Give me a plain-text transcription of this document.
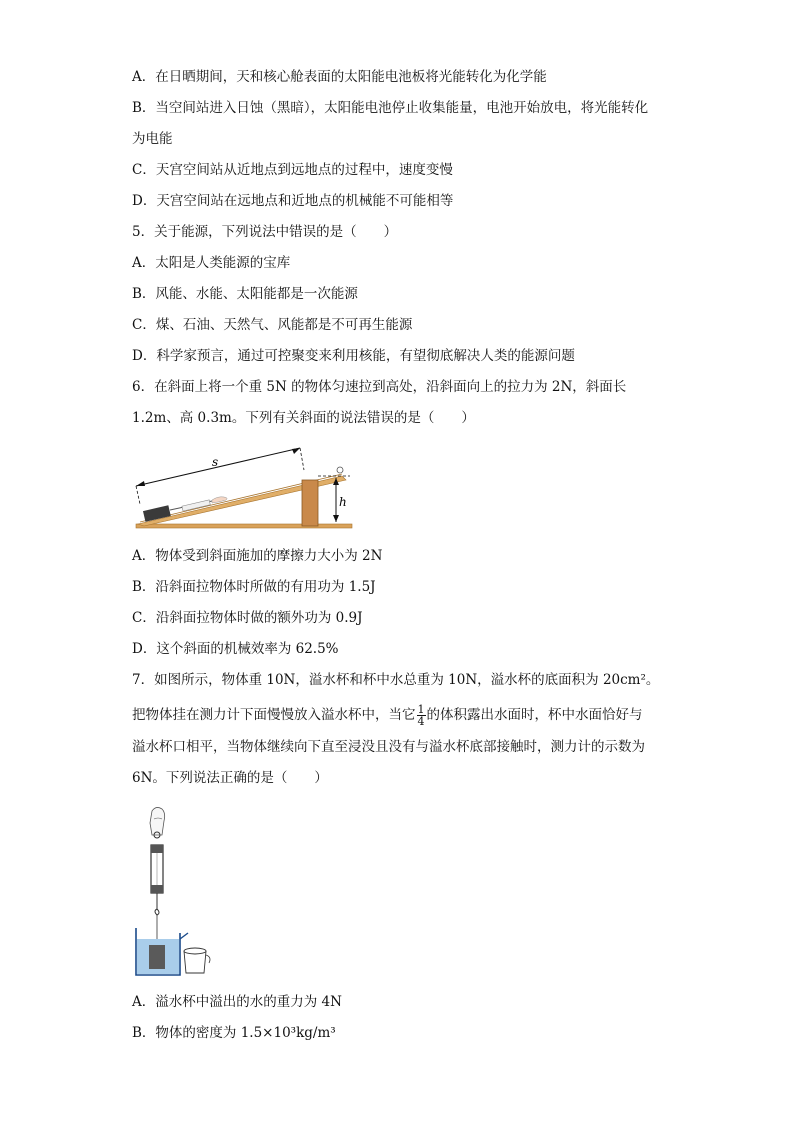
A．在日晒期间，天和核心舱表面的太阳能电池板将光能转化为化学能
B．当空间站进入日蚀（黑暗），太阳能电池停止收集能量，电池开始放电，将光能转化
为电能
C．天宫空间站从近地点到远地点的过程中，速度变慢
D．天宫空间站在远地点和近地点的机械能不可能相等
5．关于能源，下列说法中错误的是（　　）
A．太阳是人类能源的宝库
B．风能、水能、太阳能都是一次能源
C．煤、石油、天然气、风能都是不可再生能源
D．科学家预言，通过可控聚变来利用核能，有望彻底解决人类的能源问题
6．在斜面上将一个重 5N 的物体匀速拉到高处，沿斜面向上的拉力为 2N，斜面长
1.2m、高 0.3m。下列有关斜面的说法错误的是（　　）
s
h
A．物体受到斜面施加的摩擦力大小为 2N
B．沿斜面拉物体时所做的有用功为 1.5J
C．沿斜面拉物体时做的额外功为 0.9J
D．这个斜面的机械效率为 62.5%
7．如图所示，物体重 10N，溢水杯和杯中水总重为 10N，溢水杯的底面积为 20cm²。
把物体挂在测力计下面慢慢放入溢水杯中，当它 $\frac{1}{4}$ 的体积露出水面时，杯中水面恰好与
溢水杯口相平，当物体继续向下直至浸没且没有与溢水杯底部接触时，测力计的示数为
6N。下列说法正确的是（　　）
A．溢水杯中溢出的水的重力为 4N
B．物体的密度为 1.5×10³kg/m³
